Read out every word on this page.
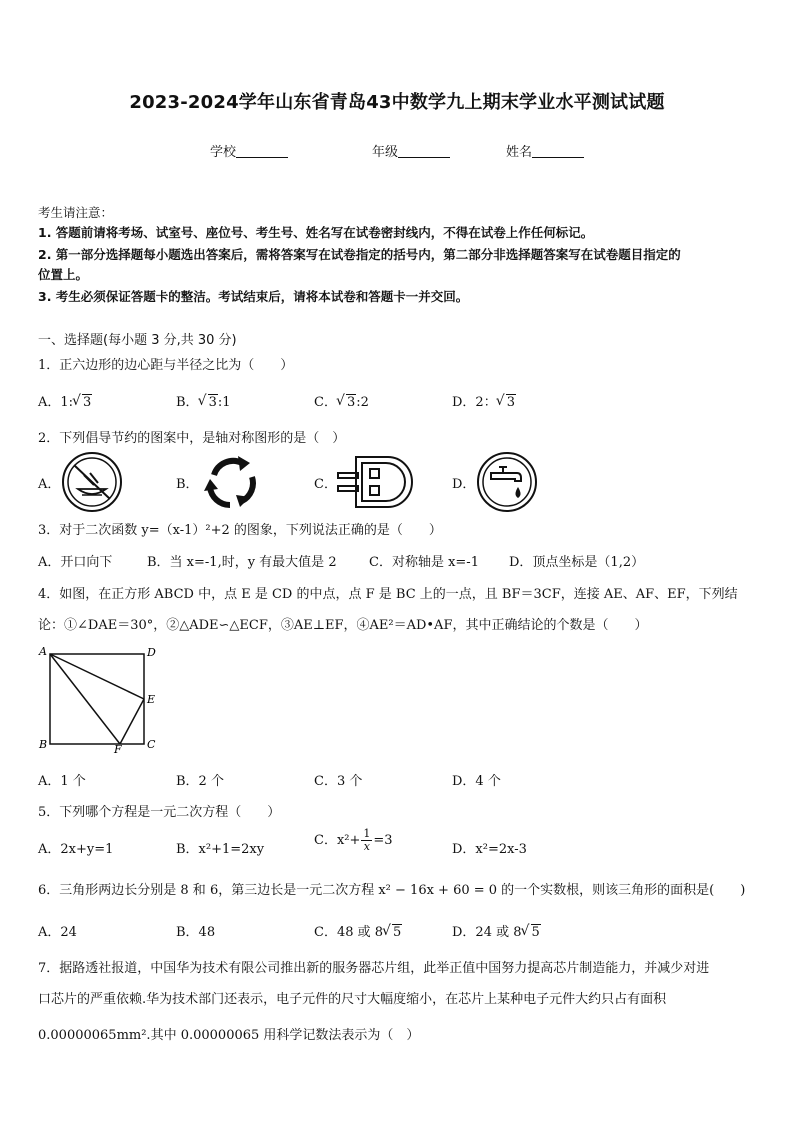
2023-2024学年山东省青岛43中数学九上期末学业水平测试试题
学校	年级	姓名
考生请注意：
1. 答题前请将考场、试室号、座位号、考生号、姓名写在试卷密封线内，不得在试卷上作任何标记。
2. 第一部分选择题每小题选出答案后，需将答案写在试卷指定的括号内，第二部分非选择题答案写在试卷题目指定的
位置上。
3. 考生必须保证答题卡的整洁。考试结束后，请将本试卷和答题卡一并交回。
一、选择题(每小题 3 分,共 30 分)
1．正六边形的边心距与半径之比为（　　）
A．1: √ 3	B． √ 3:1	C． √ 3:2	D．2： √ 3
2．下列倡导节约的图案中，是轴对称图形的是（　）
A．	B．	C．	D．
3．对于二次函数 y=（x-1）²+2 的图象，下列说法正确的是（　　）
A．开口向下	B．当 x=-1,时，y 有最大值是 2 C．对称轴是 x=-1 D．顶点坐标是（1,2）
4．如图，在正方形 ABCD 中，点 E 是 CD 的中点，点 F 是 BC 上的一点，且 BF＝3CF，连接 AE、AF、EF，下列结
论：①∠DAE＝30°，②△ADE∽△ECF，③AE⊥EF，④AE²＝AD•AF，其中正确结论的个数是（　　）
A	D
E
B	F C
A．1 个	B．2 个	C．3 个	D．4 个
5．下列哪个方程是一元二次方程（　　）
A．2x+y=1	B．x²+1=2xy
C．$x^2+ \frac{1}{x} =3$
D．x²=2x-3
6．三角形两边长分别是 8 和 6，第三边长是一元二次方程 x² − 16x + 60 = 0 的一个实数根，则该三角形的面积是(　　)
A．24	B．48	C．48 或 8 √ 5	D．24 或 8 √ 5
7．据路透社报道，中国华为技术有限公司推出新的服务器芯片组，此举正值中国努力提高芯片制造能力，并减少对进
口芯片的严重依赖.华为技术部门还表示，电子元件的尺寸大幅度缩小，在芯片上某种电子元件大约只占有面积
0.00000065mm².其中 0.00000065 用科学记数法表示为（　）
